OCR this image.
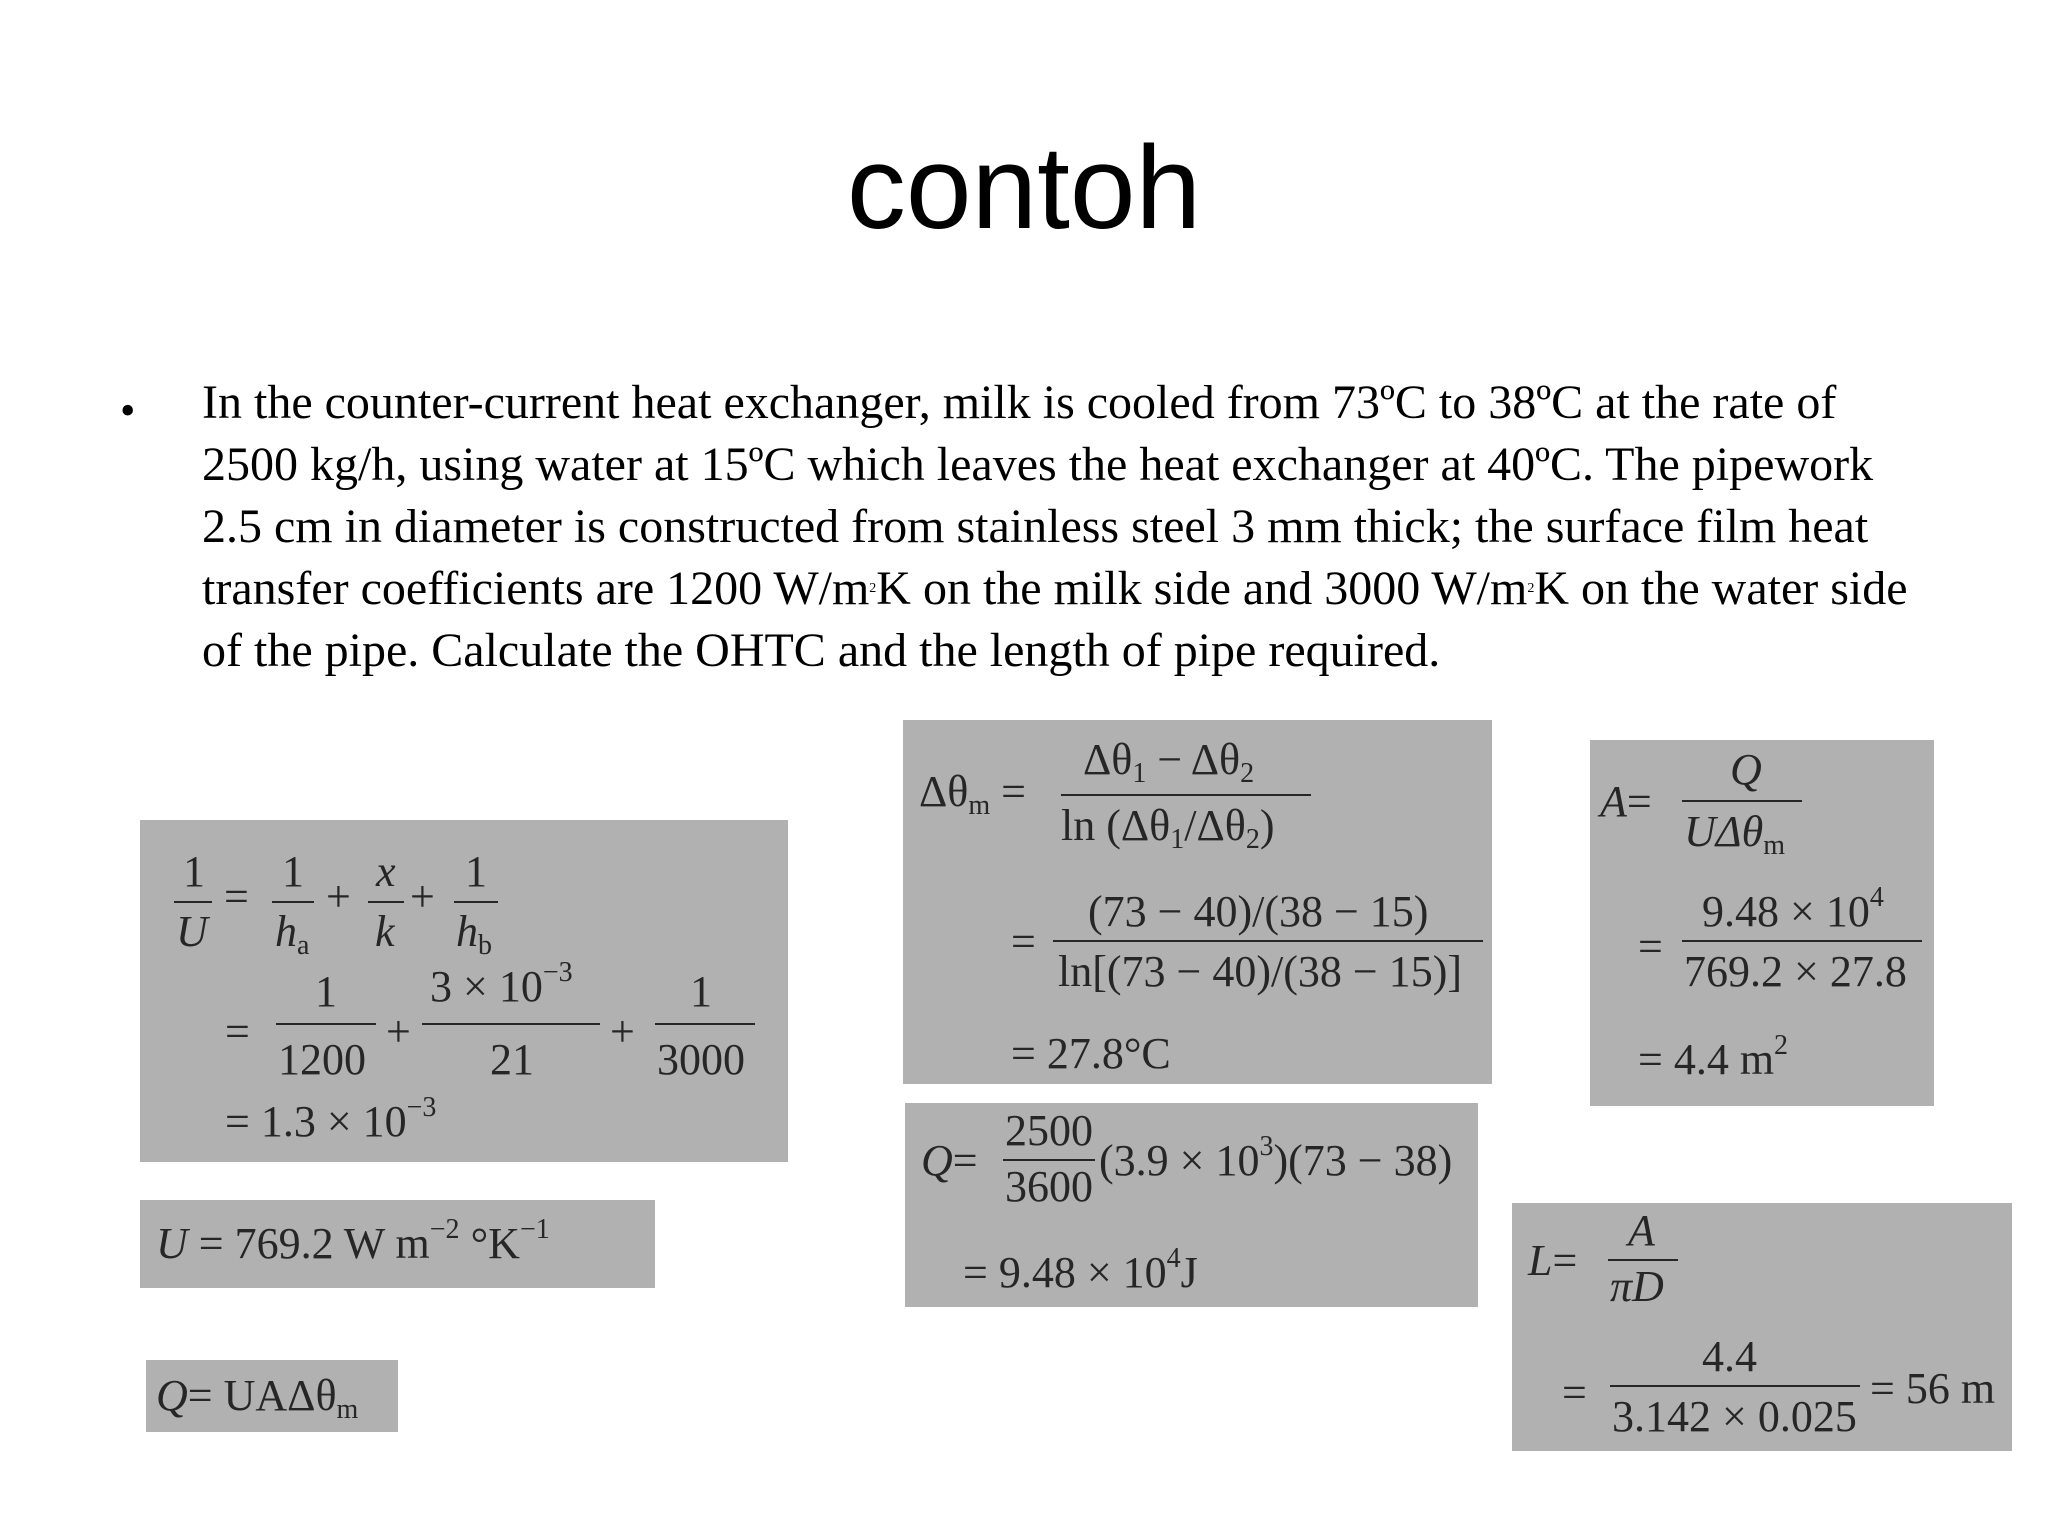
contoh
• In the counter-current heat exchanger, milk is cooled from 73ºC to 38ºC at the rate of 2500 kg/h, using water at 15ºC which leaves the heat exchanger at 40ºC. The pipework 2.5 cm in diameter is constructed from stainless steel 3 mm thick; the surface film heat transfer coefficients are 1200 $W/m^2K$ on the milk side and 3000 $W/m^2K$ on the water side of the pipe. Calculate the OHTC and the length of pipe required.
1
U
=
1
$h_a$
+
x
k
+
1
$h_b$
=
1
1200
+
$3 \times 10^{-3}$
21
+
1
3000
= $1.3 \times 10^{-3}$
U = 769.2 W $m^{-2}$ $^\circ K^{-1}$
Q= UAΔθ$_m$
$\Delta\theta_m$ =
$\Delta\theta_1 - \Delta\theta_2$
$\ln (\Delta\theta_1/\Delta\theta_2)$
=
(73 − 40)/(38 − 15)
ln[(73 − 40)/(38 − 15)]
= 27.8°C
Q=
2500
3600
$(3.9 \times 10^3)(73 - 38)$
= $9.48 \times 10^4J$
A=
Q
UΔθ$_m$
=
$9.48 \times 10^4$
769.2 × 27.8
= 4.4 $m^2$
L=
A
πD
=
4.4
3.142 × 0.025
= 56 m
